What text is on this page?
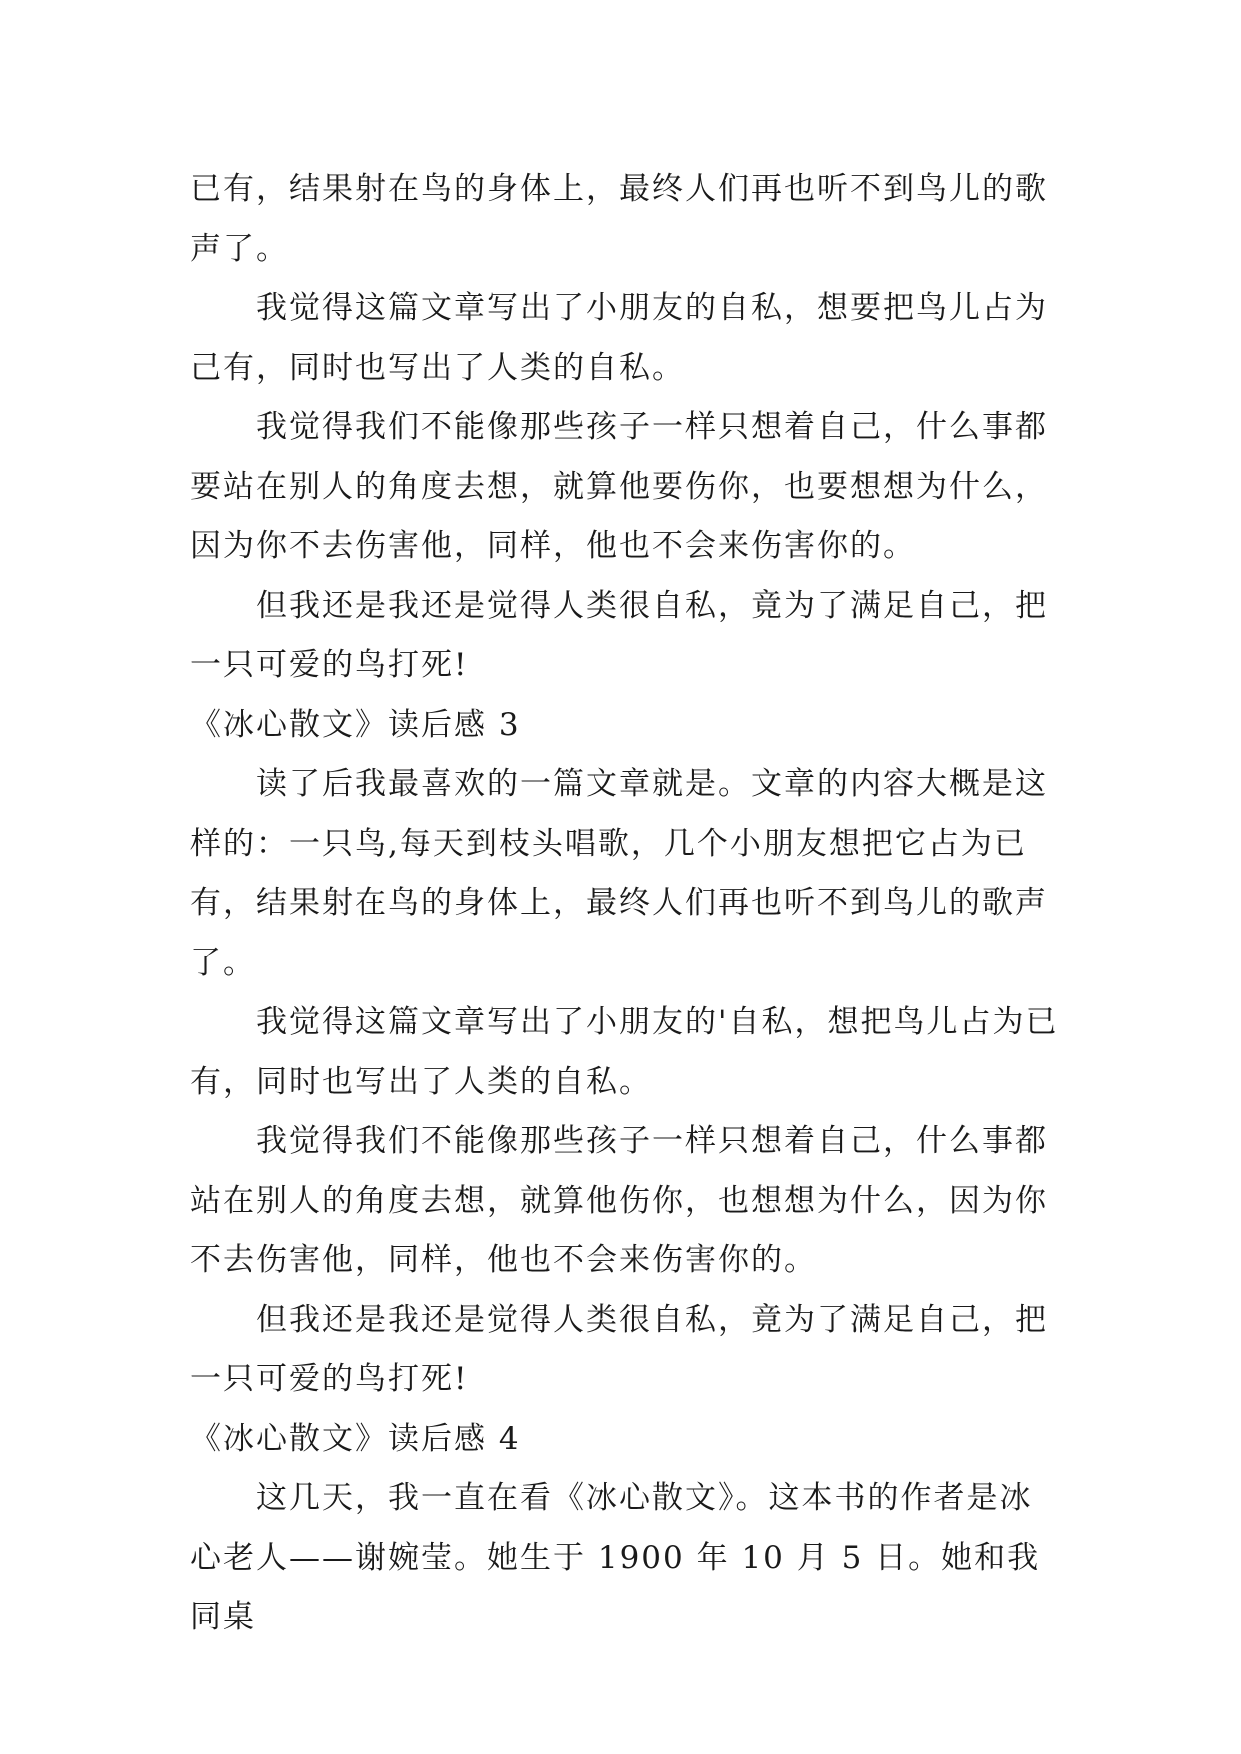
已有，结果射在鸟的身体上，最终人们再也听不到鸟儿的歌声了。

我觉得这篇文章写出了小朋友的自私，想要把鸟儿占为己有，同时也写出了人类的自私。

我觉得我们不能像那些孩子一样只想着自己，什么事都要站在别人的角度去想，就算他要伤你，也要想想为什么，因为你不去伤害他，同样，他也不会来伤害你的。

但我还是我还是觉得人类很自私，竟为了满足自己，把一只可爱的鸟打死!

《冰心散文》读后感 3

读了后我最喜欢的一篇文章就是。文章的内容大概是这样的：一只鸟,每天到枝头唱歌，几个小朋友想把它占为已有，结果射在鸟的身体上，最终人们再也听不到鸟儿的歌声了。

我觉得这篇文章写出了小朋友的'自私，想把鸟儿占为已有，同时也写出了人类的自私。

我觉得我们不能像那些孩子一样只想着自己，什么事都站在别人的角度去想，就算他伤你，也想想为什么，因为你不去伤害他，同样，他也不会来伤害你的。

但我还是我还是觉得人类很自私，竟为了满足自己，把一只可爱的鸟打死!

《冰心散文》读后感 4

这几天，我一直在看《冰心散文》。这本书的作者是冰心老人——谢婉莹。她生于 1900 年 10 月 5 日。她和我同桌
